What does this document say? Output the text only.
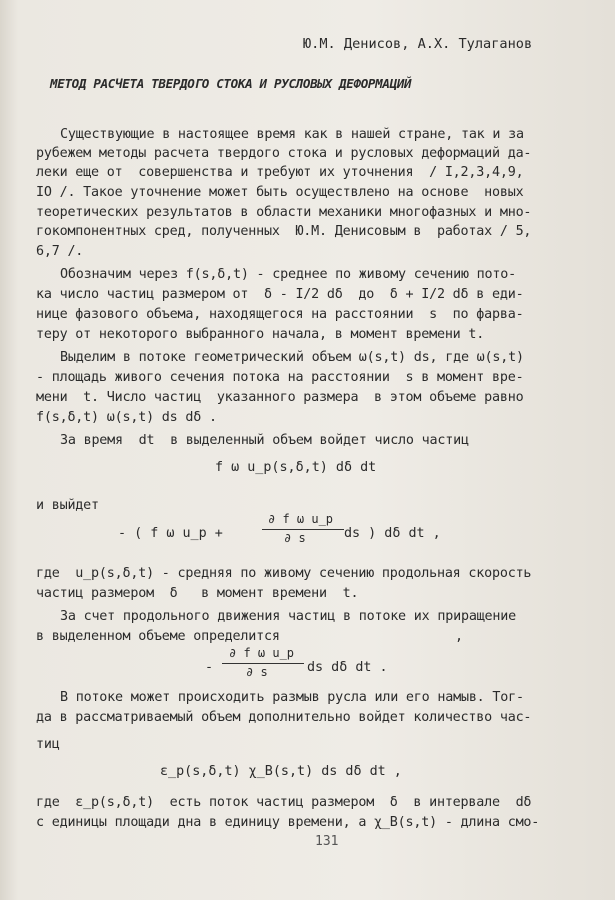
Ю.М. Денисов, А.Х. Тулаганов
МЕТОД РАСЧЕТА ТВЕРДОГО СТОКА И РУСЛОВЫХ ДЕФОРМАЦИЙ
Существующие в настоящее время как в нашей стране, так и за
рубежем методы расчета твердого стока и русловых деформаций да-
леки еще от  совершенства и требуют их уточнения  / I,2,3,4,9,
IO /. Такое уточнение может быть осуществлено на основе  новых
теоретических результатов в области механики многофазных и мно-
гокомпонентных сред, полученных  Ю.М. Денисовым в  работах / 5,
6,7 /.
Обозначим через f(s,δ,t) - среднее по живому сечению пото-
ка число частиц размером от  δ - I/2 dδ  до  δ + I/2 dδ в еди-
нице фазового объема, находящегося на расстоянии  s  по фарва-
теру от некоторого выбранного начала, в момент времени t.
Выделим в потоке геометрический объем ω(s,t) ds, где ω(s,t)
- площадь живого сечения потока на расстоянии  s в момент вре-
мени  t. Число частиц  указанного размера  в этом объеме равно
f(s,δ,t) ω(s,t) ds dδ .
За время  dt  в выделенный объем войдет число частиц
f ω u_p(s,δ,t) dδ dt
и выйдет
- ( f ω u_p +
∂ f ω u_p
∂ s	ds ) dδ dt ,
где  u_p(s,δ,t) - средняя по живому сечению продольная скорость
частиц размером  δ   в момент времени  t.
За счет продольного движения частиц в потоке их приращение
в выделенном объеме определится	,
-
∂ f ω u_p
∂ s	ds dδ dt .
В потоке может происходить размыв русла или его намыв. Тог-
да в рассматриваемый объем дополнительно войдет количество час-
тиц
ε_p(s,δ,t) χ_B(s,t) ds dδ dt ,
где  ε_p(s,δ,t)  есть поток частиц размером  δ  в интервале  dδ
с единицы площади дна в единицу времени, а χ_B(s,t) - длина смо-
131
